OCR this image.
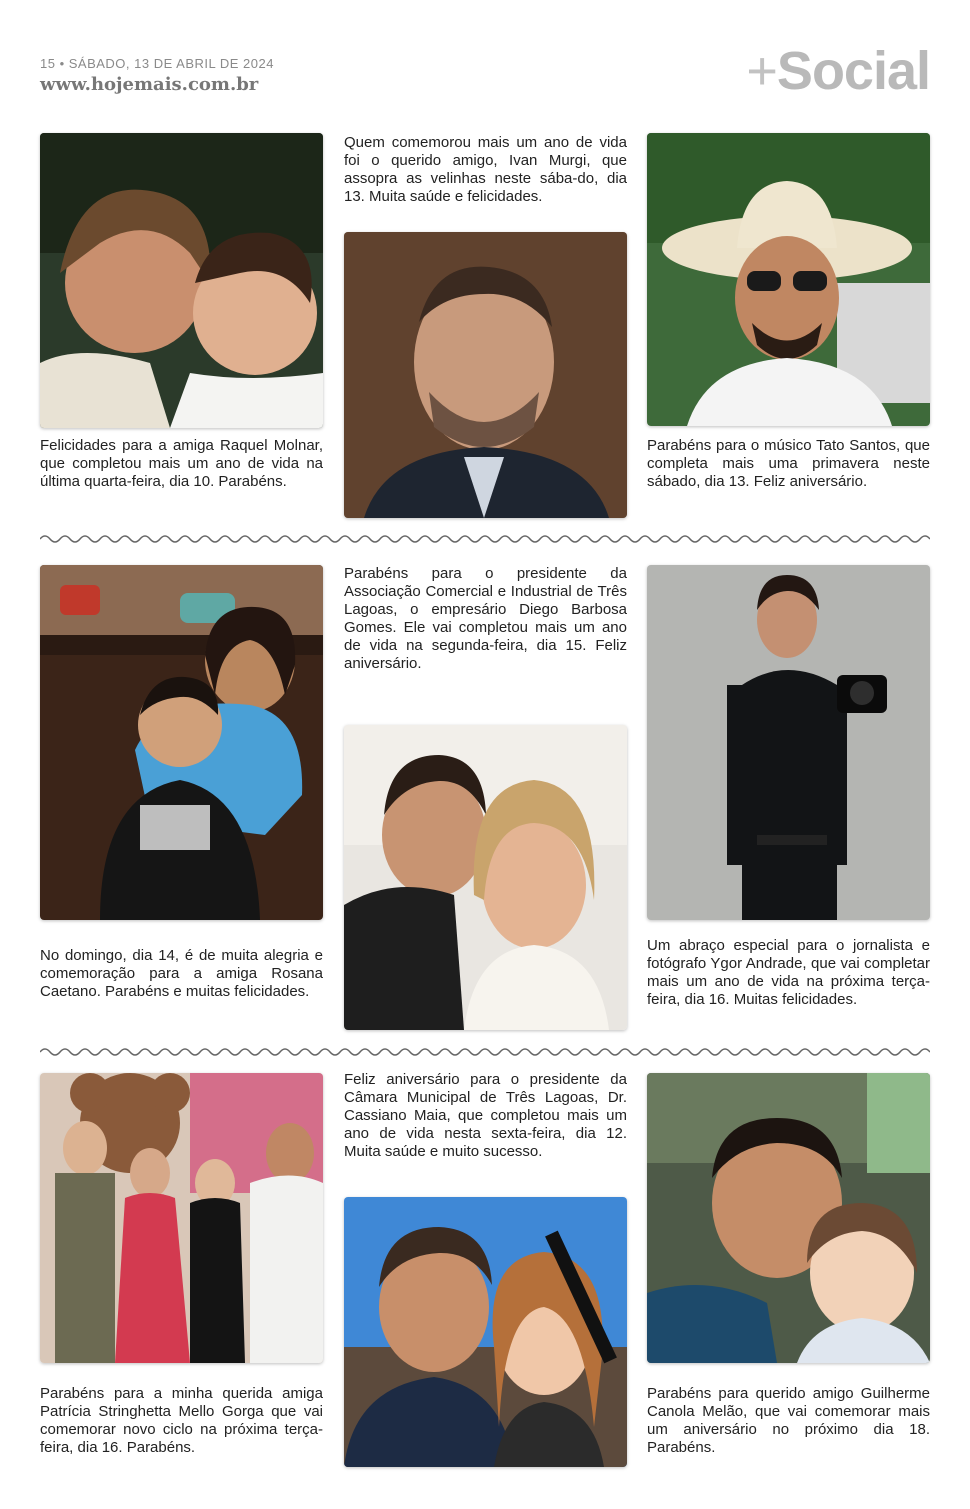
15 • SÁBADO, 13 DE ABRIL DE 2024
www.hojemais.com.br	+Social
Felicidades para a amiga Raquel Molnar, que completou mais um ano de vida na última quarta-feira, dia 10. Parabéns.
Quem comemorou mais um ano de vida foi o querido amigo, Ivan Murgi, que assopra as velinhas neste sába-do, dia 13. Muita saúde e felicidades.
Parabéns para o músico Tato Santos, que completa mais uma primavera neste sábado, dia 13. Feliz aniversário.
No domingo, dia 14, é de muita alegria e comemoração para a amiga Rosana Caetano. Parabéns e muitas felicidades.
Parabéns para o presidente da Associação Comercial e Industrial de Três Lagoas, o empresário Diego Barbosa Gomes. Ele vai completou mais um ano de vida na segunda-feira, dia 15. Feliz aniversário.
Um abraço especial para o jornalista e fotógrafo Ygor Andrade, que vai completar mais um ano de vida na próxima terça-feira, dia 16. Muitas felicidades.
Parabéns para a minha querida amiga Patrícia Stringhetta Mello Gorga que vai comemorar novo ciclo na próxima terça-feira, dia 16. Parabéns.
Feliz aniversário para o presidente da Câmara Municipal de Três Lagoas, Dr. Cassiano Maia, que completou mais um ano de vida nesta sexta-feira, dia 12. Muita saúde e muito sucesso.
Parabéns para querido amigo Guilherme Canola Melão, que vai comemorar mais um aniversário no próximo dia 18. Parabéns.
